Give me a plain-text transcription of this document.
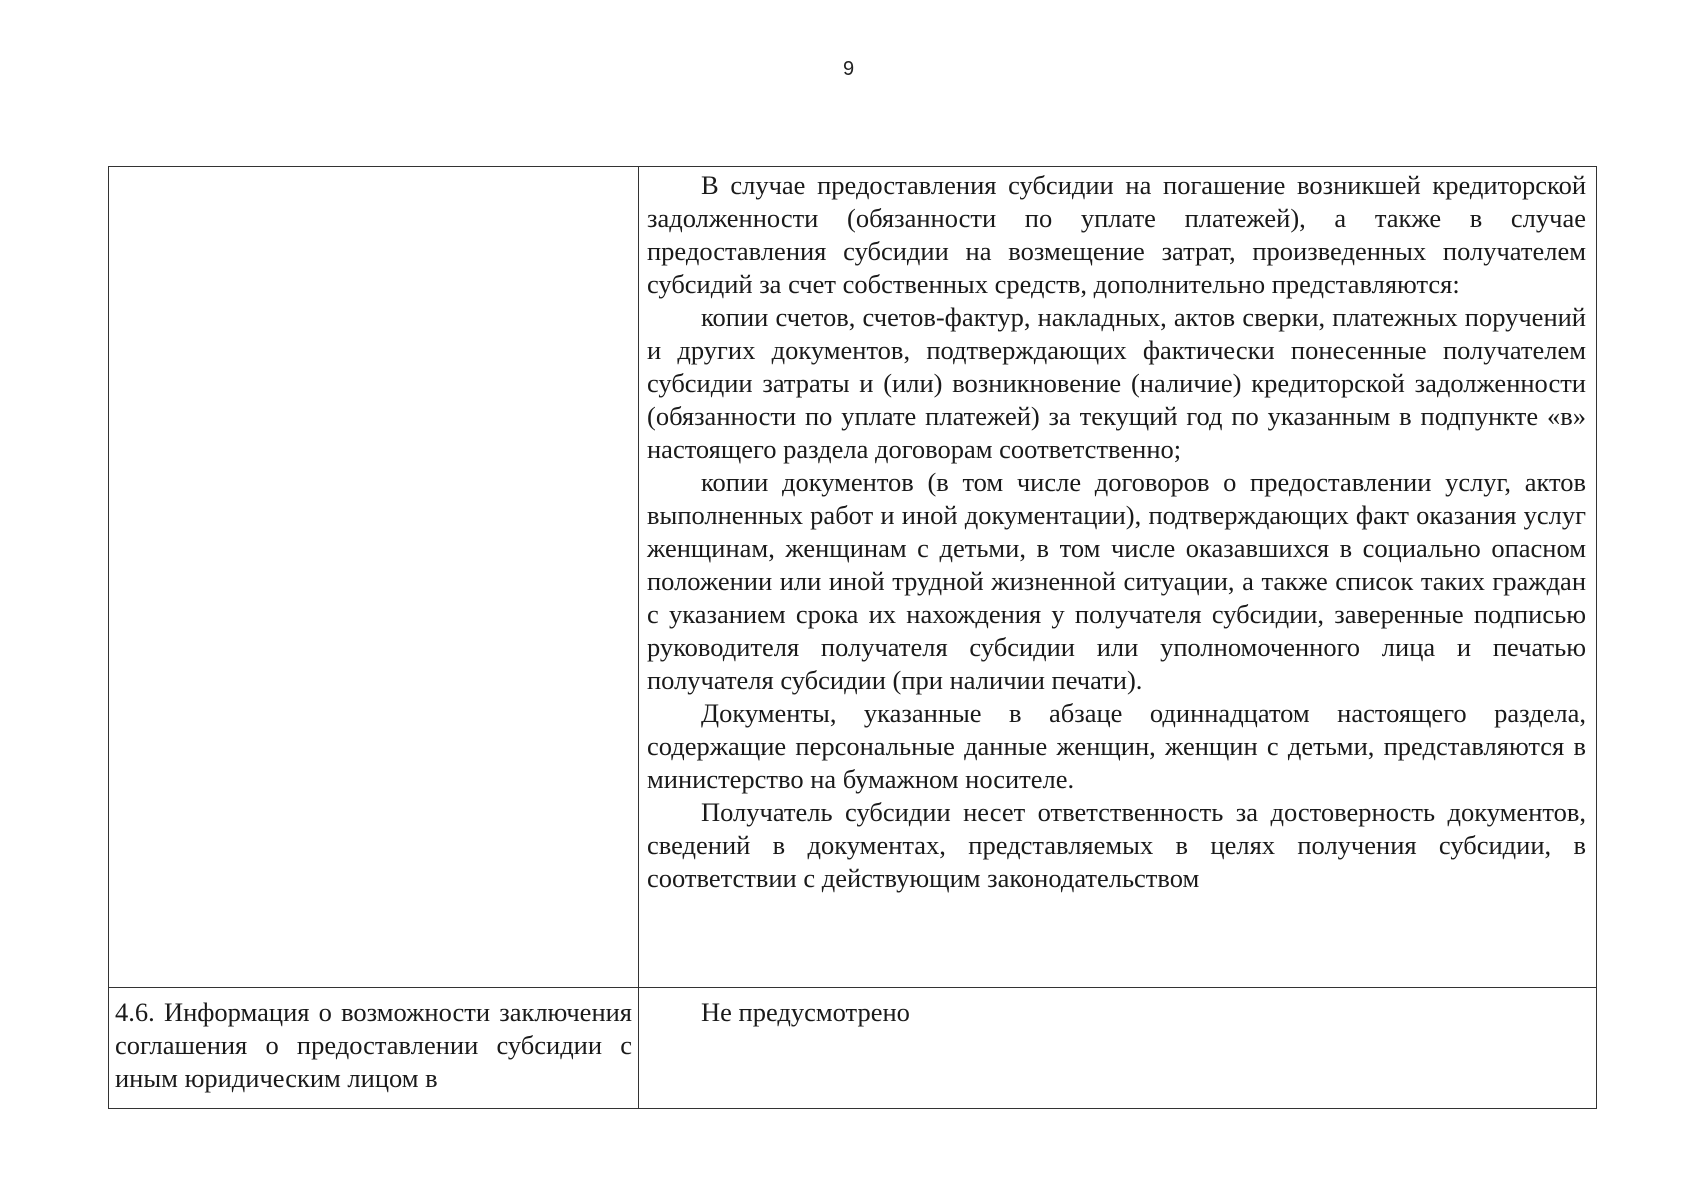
9

	В случае предоставления субсидии на погашение возникшей кредиторской задолженности (обязанности по уплате платежей), а также в случае предоставления субсидии на возмещение затрат, произведенных получателем субсидий за счет собственных средств, дополнительно представляются:

копии счетов, счетов-фактур, накладных, актов сверки, платежных поручений и других документов, подтверждающих фактически понесенные получателем субсидии затраты и (или) возникновение (наличие) кредиторской задолженности (обязанности по уплате платежей) за текущий год по указанным в подпункте «в» настоящего раздела договорам соответственно;

копии документов (в том числе договоров о предоставлении услуг, актов выполненных работ и иной документации), подтверждающих факт оказания услуг женщинам, женщинам с детьми, в том числе оказавшихся в социально опасном положении или иной трудной жизненной ситуации, а также список таких граждан с указанием срока их нахождения у получателя субсидии, заверенные подписью руководителя получателя субсидии или уполномоченного лица и печатью получателя субсидии (при наличии печати).

Документы, указанные в абзаце одиннадцатом настоящего раздела, содержащие персональные данные женщин, женщин с детьми, представляются в министерство на бумажном носителе.

Получатель субсидии несет ответственность за достоверность документов, сведений в документах, представляемых в целях получения субсидии, в соответствии с действующим законодательством

4.6. Информация о возможности заключения соглашения о предоставлении субсидии с иным юридическим лицом в	Не предусмотрено
